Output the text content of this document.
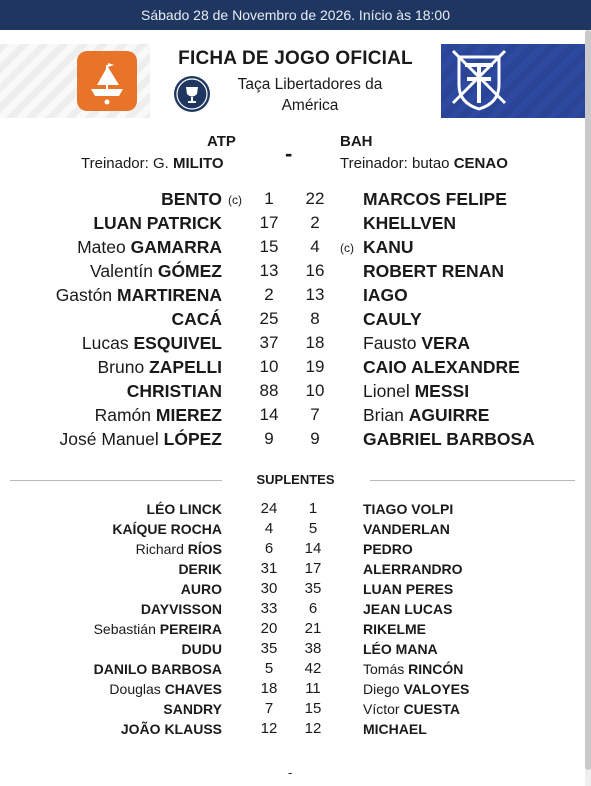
Sábado 28 de Novembro de 2026. Início às 18:00
FICHA DE JOGO OFICIAL
Taça Libertadores da
América
ATP	BAH
-
Treinador: G. MILITO	Treinador: butao CENAO
BENTO (c)	1	22	MARCOS FELIPE
LUAN PATRICK	17	2	KHELLVEN
Mateo GAMARRA	15	4	(c) KANU
Valentín GÓMEZ	13	16	ROBERT RENAN
Gastón MARTIRENA	2	13	IAGO
CACÁ	25	8	CAULY
Lucas ESQUIVEL	37	18	Fausto VERA
Bruno ZAPELLI	10	19	CAIO ALEXANDRE
CHRISTIAN	88	10	Lionel MESSI
Ramón MIEREZ	14	7	Brian AGUIRRE
José Manuel LÓPEZ	9	9	GABRIEL BARBOSA
SUPLENTES
LÉO LINCK	24	1	TIAGO VOLPI
KAÍQUE ROCHA	4	5	VANDERLAN
Richard RÍOS	6	14	PEDRO
DERIK	31	17	ALERRANDRO
AURO	30	35	LUAN PERES
DAYVISSON	33	6	JEAN LUCAS
Sebastián PEREIRA	20	21	RIKELME
DUDU	35	38	LÉO MANA
DANILO BARBOSA	5	42	Tomás RINCÓN
Douglas CHAVES	18	11	Diego VALOYES
SANDRY	7	15	Víctor CUESTA
JOÃO KLAUSS	12	12	MICHAEL
-
